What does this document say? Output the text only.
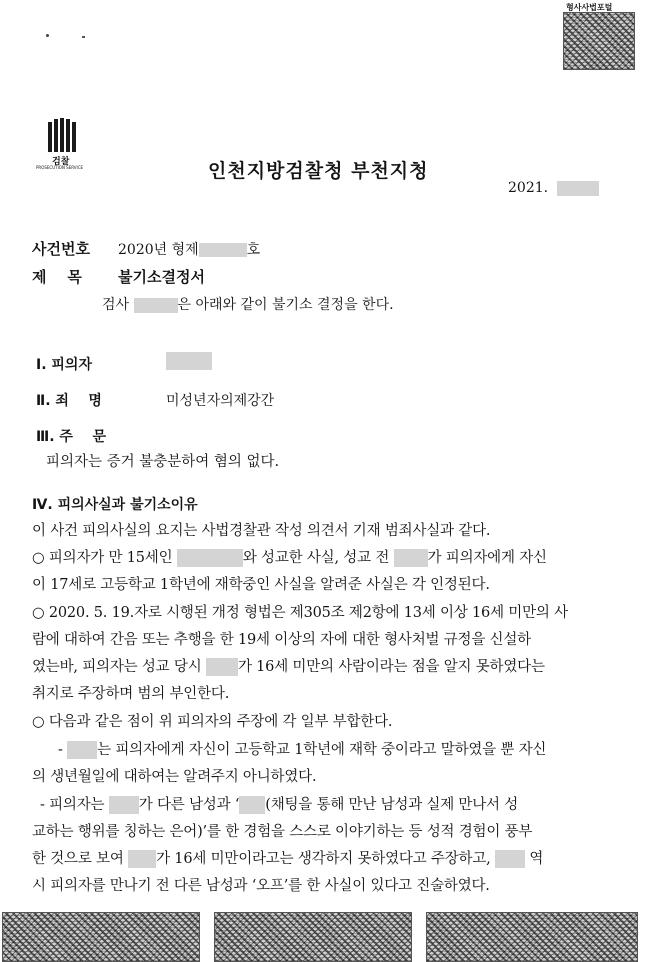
형사사법포털
검찰
PROSECUTION SERVICE	인천지방검찰청 부천지청
2021.
사건번호 2020년 형제	호
제    목 불기소결정서
검사	은 아래와 같이 불기소 결정을 한다.
Ⅰ. 피의자
Ⅱ. 죄    명	미성년자의제강간
Ⅲ. 주    문
피의자는 증거 불충분하여 혐의 없다.
Ⅳ. 피의사실과 불기소이유
이 사건 피의사실의 요지는 사법경찰관 작성 의견서 기재 범죄사실과 같다.
○ 피의자가 만 15세인	와 성교한 사실, 성교 전	가 피의자에게 자신
이 17세로 고등학교 1학년에 재학중인 사실을 알려준 사실은 각 인정된다.
○ 2020. 5. 19.자로 시행된 개정 형법은 제305조 제2항에 13세 이상 16세 미만의 사
람에 대하여 간음 또는 추행을 한 19세 이상의 자에 대한 형사처벌 규정을 신설하
였는바, 피의자는 성교 당시	가 16세 미만의 사람이라는 점을 알지 못하였다는
취지로 주장하며 범의 부인한다.
○ 다음과 같은 점이 위 피의자의 주장에 각 일부 부합한다.
- 는 피의자에게 자신이 고등학교 1학년에 재학 중이라고 말하였을 뿐 자신
의 생년월일에 대하여는 알려주지 아니하였다.
- 피의자는 가 다른 남성과 ‘ (채팅을 통해 만난 남성과 실제 만나서 성
교하는 행위를 칭하는 은어)’를 한 경험을 스스로 이야기하는 등 성적 경험이 풍부
한 것으로 보여 가 16세 미만이라고는 생각하지 못하였다고 주장하고,	역
시 피의자를 만나기 전 다른 남성과 ‘오프’를 한 사실이 있다고 진술하였다.
